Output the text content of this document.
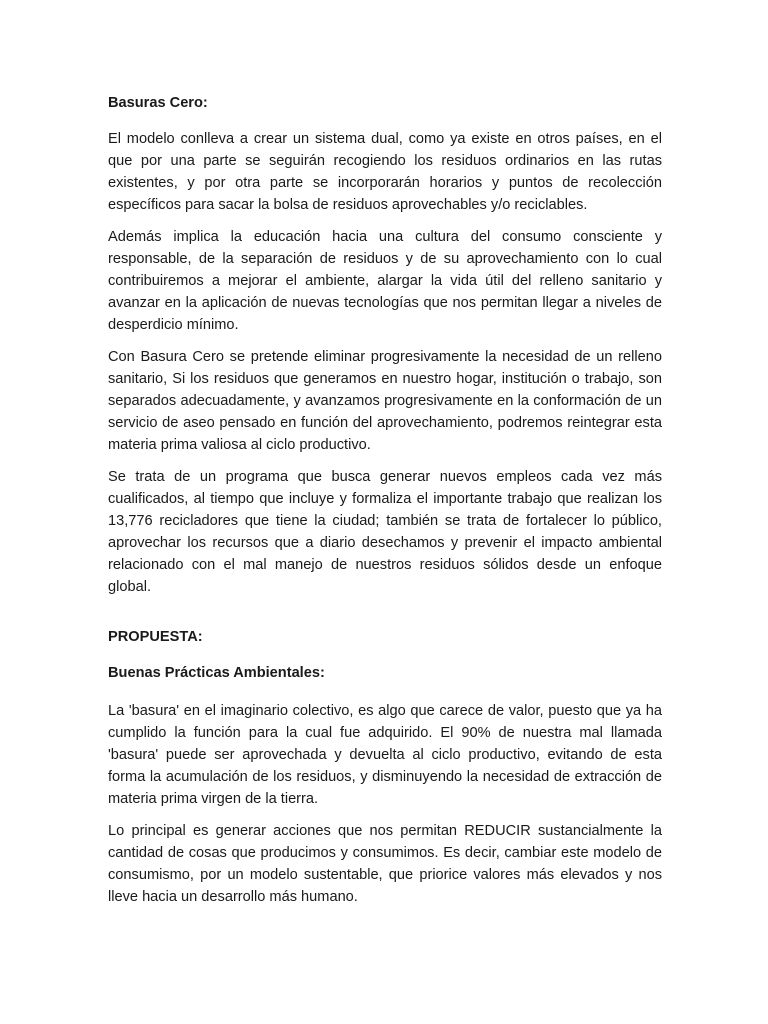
Basuras Cero:

El modelo conlleva a crear un sistema dual, como ya existe en otros países, en el que por una parte se seguirán recogiendo los residuos ordinarios en las rutas existentes, y por otra parte se incorporarán horarios y puntos de recolección específicos para sacar la bolsa de residuos aprovechables y/o reciclables.

Además implica la educación hacia una cultura del consumo consciente y responsable, de la separación de residuos y de su aprovechamiento con lo cual contribuiremos a mejorar el ambiente, alargar la vida útil del relleno sanitario y avanzar en la aplicación de nuevas tecnologías que nos permitan llegar a niveles de desperdicio mínimo.

Con Basura Cero se pretende eliminar progresivamente la necesidad de un relleno sanitario, Si los residuos que generamos en nuestro hogar, institución o trabajo, son separados adecuadamente, y avanzamos progresivamente en la conformación de un servicio de aseo pensado en función del aprovechamiento, podremos reintegrar esta materia prima valiosa al ciclo productivo.

Se trata de un programa que busca generar nuevos empleos cada vez más cualificados, al tiempo que incluye y formaliza el importante trabajo que realizan los 13,776 recicladores que tiene la ciudad; también se trata de fortalecer lo público, aprovechar los recursos que a diario desechamos y prevenir el impacto ambiental relacionado con el mal manejo de nuestros residuos sólidos desde un enfoque global.

PROPUESTA:

Buenas Prácticas Ambientales:

La 'basura' en el imaginario colectivo, es algo que carece de valor, puesto que ya ha cumplido la función para la cual fue adquirido. El 90% de nuestra mal llamada 'basura' puede ser aprovechada y devuelta al ciclo productivo, evitando de esta forma la acumulación de los residuos, y disminuyendo la necesidad de extracción de materia prima virgen de la tierra.

Lo principal es generar acciones que nos permitan REDUCIR sustancialmente la cantidad de cosas que producimos y consumimos. Es decir, cambiar este modelo de consumismo, por un modelo sustentable, que priorice valores más elevados y nos lleve hacia un desarrollo más humano.
